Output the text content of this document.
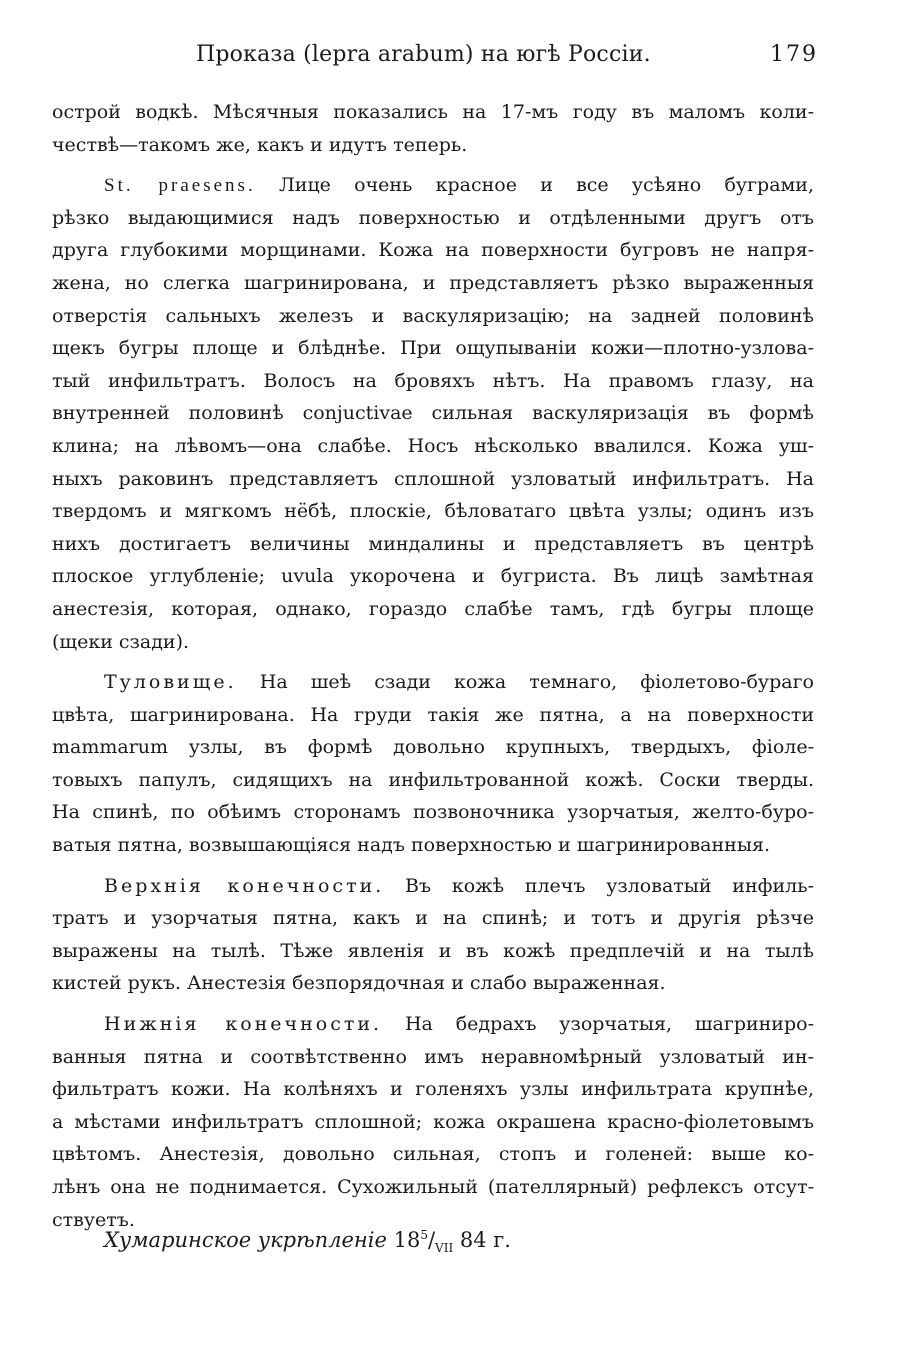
Проказа (lepra arabum) на югѣ Россіи.	179
острой водкѣ. Мѣсячныя показались на 17-мъ году въ маломъ коли-
чествѣ—такомъ же, какъ и идутъ теперь.
St. praesens. Лице очень красное и все усѣяно буграми,
рѣзко выдающимися надъ поверхностью и отдѣленными другъ отъ
друга глубокими морщинами. Кожа на поверхности бугровъ не напря-
жена, но слегка шагринирована, и представляетъ рѣзко выраженныя
отверстія сальныхъ железъ и васкуляризацію; на задней половинѣ
щекъ бугры площе и блѣднѣе. При ощупываніи кожи—плотно-узлова-
тый инфильтратъ. Волосъ на бровяхъ нѣтъ. На правомъ глазу, на
внутренней половинѣ conjuctivae сильная васкуляризація въ формѣ
клина; на лѣвомъ—она слабѣе. Носъ нѣсколько ввалился. Кожа уш-
ныхъ раковинъ представляетъ сплошной узловатый инфильтратъ. На
твердомъ и мягкомъ нёбѣ, плоскіе, бѣловатаго цвѣта узлы; одинъ изъ
нихъ достигаетъ величины миндалины и представляетъ въ центрѣ
плоское углубленіе; uvula укорочена и бугриста. Въ лицѣ замѣтная
анестезія, которая, однако, гораздо слабѣе тамъ, гдѣ бугры площе
(щеки сзади).
Туловище. На шеѣ сзади кожа темнаго, фіолетово-бураго
цвѣта, шагринирована. На груди такія же пятна, а на поверхности
mammarum узлы, въ формѣ довольно крупныхъ, твердыхъ, фіоле-
товыхъ папулъ, сидящихъ на инфильтрованной кожѣ. Соски тверды.
На спинѣ, по обѣимъ сторонамъ позвоночника узорчатыя, желто-буро-
ватыя пятна, возвышающіяся надъ поверхностью и шагринированныя.
Верхнія конечности. Въ кожѣ плечъ узловатый инфиль-
тратъ и узорчатыя пятна, какъ и на спинѣ; и тотъ и другія рѣзче
выражены на тылѣ. Тѣже явленія и въ кожѣ предплечій и на тылѣ
кистей рукъ. Анестезія безпорядочная и слабо выраженная.
Нижнія конечности. На бедрахъ узорчатыя, шагриниро-
ванныя пятна и соотвѣтственно имъ неравномѣрный узловатый ин-
фильтратъ кожи. На колѣняхъ и голеняхъ узлы инфильтрата крупнѣе,
а мѣстами инфильтратъ сплошной; кожа окрашена красно-фіолетовымъ
цвѣтомъ. Анестезія, довольно сильная, стопъ и голеней: выше ко-
лѣнъ она не поднимается. Сухожильный (пателлярный) рефлексъ отсут-
ствуетъ.
Хумаринское укрѣпленіе $18^5/_{VII}$ 84 г.
